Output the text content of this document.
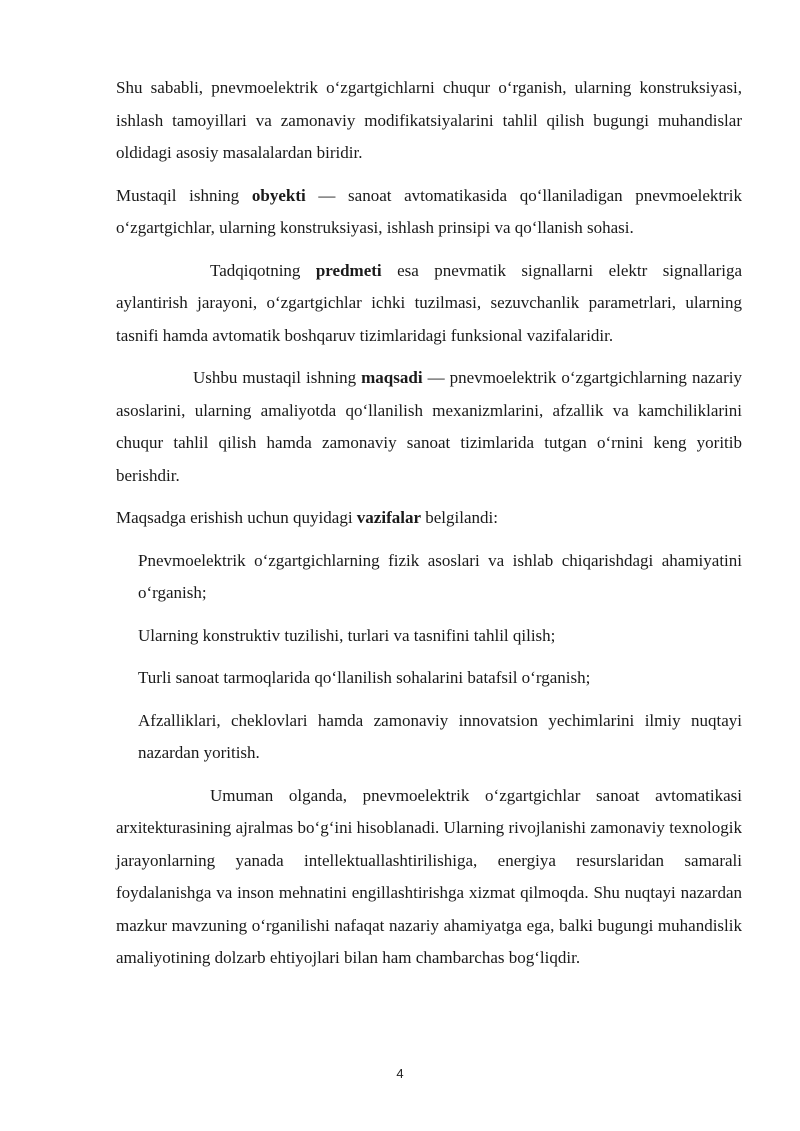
Shu sababli, pnevmoelektrik o‘zgartgichlarni chuqur o‘rganish, ularning konstruksiyasi, ishlash tamoyillari va zamonaviy modifikatsiyalarini tahlil qilish bugungi muhandislar oldidagi asosiy masalalardan biridir.

Mustaqil ishning obyekti — sanoat avtomatikasida qo‘llaniladigan pnevmoelektrik o‘zgartgichlar, ularning konstruksiyasi, ishlash prinsipi va qo‘llanish sohasi.

Tadqiqotning predmeti esa pnevmatik signallarni elektr signallariga aylantirish jarayoni, o‘zgartgichlar ichki tuzilmasi, sezuvchanlik parametrlari, ularning tasnifi hamda avtomatik boshqaruv tizimlaridagi funksional vazifalaridir.

Ushbu mustaqil ishning maqsadi — pnevmoelektrik o‘zgartgichlarning nazariy asoslarini, ularning amaliyotda qo‘llanilish mexanizmlarini, afzallik va kamchiliklarini chuqur tahlil qilish hamda zamonaviy sanoat tizimlarida tutgan o‘rnini keng yoritib berishdir.

Maqsadga erishish uchun quyidagi vazifalar belgilandi:

Pnevmoelektrik o‘zgartgichlarning fizik asoslari va ishlab chiqarishdagi ahamiyatini o‘rganish;
Ularning konstruktiv tuzilishi, turlari va tasnifini tahlil qilish;
Turli sanoat tarmoqlarida qo‘llanilish sohalarini batafsil o‘rganish;
Afzalliklari, cheklovlari hamda zamonaviy innovatsion yechimlarini ilmiy nuqtayi nazardan yoritish.

Umuman olganda, pnevmoelektrik o‘zgartgichlar sanoat avtomatikasi arxitekturasining ajralmas bo‘g‘ini hisoblanadi. Ularning rivojlanishi zamonaviy texnologik jarayonlarning yanada intellektuallashtirilishiga, energiya resurslaridan samarali foydalanishga va inson mehnatini engillashtirishga xizmat qilmoqda. Shu nuqtayi nazardan mazkur mavzuning o‘rganilishi nafaqat nazariy ahamiyatga ega, balki bugungi muhandislik amaliyotining dolzarb ehtiyojlari bilan ham chambarchas bog‘liqdir.

4
